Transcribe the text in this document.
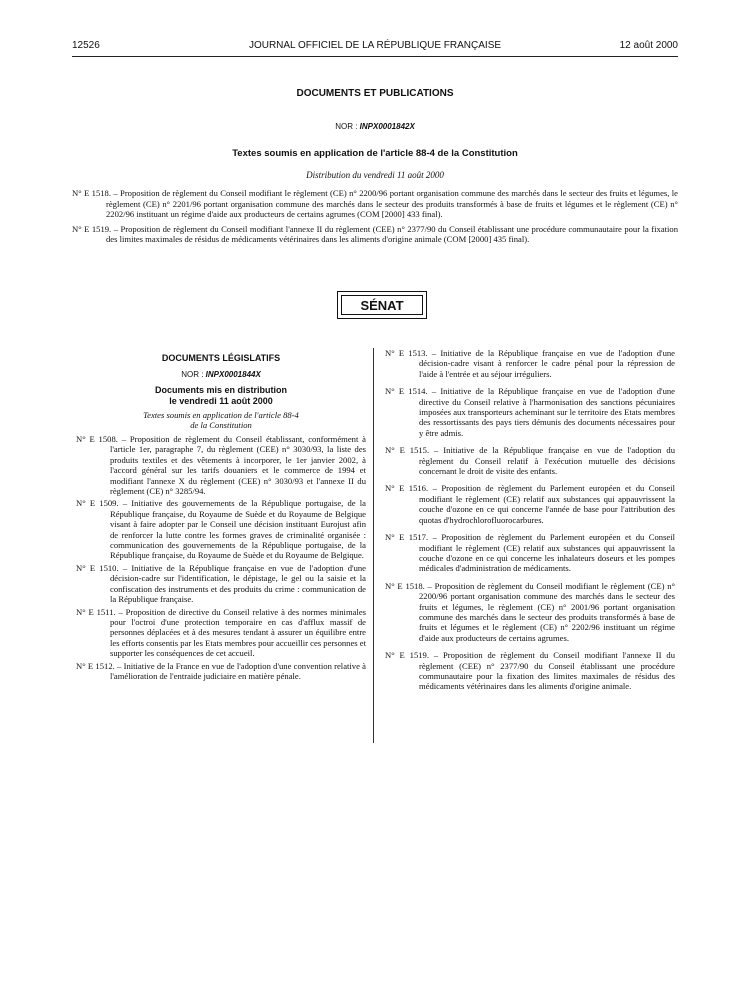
12526	JOURNAL OFFICIEL DE LA RÉPUBLIQUE FRANÇAISE	12 août 2000
DOCUMENTS ET PUBLICATIONS
NOR : INPX0001842X
Textes soumis en application de l'article 88-4 de la Constitution
Distribution du vendredi 11 août 2000

N° E 1518. – Proposition de règlement du Conseil modifiant le règlement (CE) n° 2200/96 portant organisation commune des marchés dans le secteur des fruits et légumes, le règlement (CE) n° 2201/96 portant organisation commune des marchés dans le secteur des produits transformés à base de fruits et légumes et le règlement (CE) n° 2202/96 instituant un régime d'aide aux producteurs de certains agrumes (COM [2000] 433 final).

N° E 1519. – Proposition de règlement du Conseil modifiant l'annexe II du règlement (CEE) n° 2377/90 du Conseil établissant une procédure communautaire pour la fixation des limites maximales de résidus de médicaments vétérinaires dans les aliments d'origine animale (COM [2000] 435 final).

SÉNAT
DOCUMENTS LÉGISLATIFS
NOR : INPX0001844X
Documents mis en distribution
le vendredi 11 août 2000
Textes soumis en application de l'article 88-4
de la Constitution

N° E 1508. – Proposition de règlement du Conseil établissant, conformément à l'article 1er, paragraphe 7, du règlement (CEE) n° 3030/93, la liste des produits textiles et des vêtements à incorporer, le 1er janvier 2002, à l'accord général sur les tarifs douaniers et le commerce de 1994 et modifiant l'annexe X du règlement (CEE) n° 3030/93 et l'annexe II du règlement (CE) n° 3285/94.

N° E 1509. – Initiative des gouvernements de la République portugaise, de la République française, du Royaume de Suède et du Royaume de Belgique visant à faire adopter par le Conseil une décision instituant Eurojust afin de renforcer la lutte contre les formes graves de criminalité organisée : communication des gouvernements de la République portugaise, de la République française, du Royaume de Suède et du Royaume de Belgique.

N° E 1510. – Initiative de la République française en vue de l'adoption d'une décision-cadre sur l'identification, le dépistage, le gel ou la saisie et la confiscation des instruments et des produits du crime : communication de la République française.

N° E 1511. – Proposition de directive du Conseil relative à des normes minimales pour l'octroi d'une protection temporaire en cas d'afflux massif de personnes déplacées et à des mesures tendant à assurer un équilibre entre les efforts consentis par les Etats membres pour accueillir ces personnes et supporter les conséquences de cet accueil.

N° E 1512. – Initiative de la France en vue de l'adoption d'une convention relative à l'amélioration de l'entraide judiciaire en matière pénale.

N° E 1513. – Initiative de la République française en vue de l'adoption d'une décision-cadre visant à renforcer le cadre pénal pour la répression de l'aide à l'entrée et au séjour irréguliers.

N° E 1514. – Initiative de la République française en vue de l'adoption d'une directive du Conseil relative à l'harmonisation des sanctions pécuniaires imposées aux transporteurs acheminant sur le territoire des Etats membres des ressortissants des pays tiers démunis des documents nécessaires pour y être admis.

N° E 1515. – Initiative de la République française en vue de l'adoption du règlement du Conseil relatif à l'exécution mutuelle des décisions concernant le droit de visite des enfants.

N° E 1516. – Proposition de règlement du Parlement européen et du Conseil modifiant le règlement (CE) relatif aux substances qui appauvrissent la couche d'ozone en ce qui concerne l'année de base pour l'attribution des quotas d'hydrochlorofluorocarbures.

N° E 1517. – Proposition de règlement du Parlement européen et du Conseil modifiant le règlement (CE) relatif aux substances qui appauvrissent la couche d'ozone en ce qui concerne les inhalateurs doseurs et les pompes médicales d'administration de médicaments.

N° E 1518. – Proposition de règlement du Conseil modifiant le règlement (CE) n° 2200/96 portant organisation commune des marchés dans le secteur des fruits et légumes, le règlement (CE) n° 2001/96 portant organisation commune des marchés dans le secteur des produits transformés à base de fruits et légumes et le règlement (CE) n° 2202/96 instituant un régime d'aide aux producteurs de certains agrumes.

N° E 1519. – Proposition de règlement du Conseil modifiant l'annexe II du règlement (CEE) n° 2377/90 du Conseil établissant une procédure communautaire pour la fixation des limites maximales de résidus des médicaments vétérinaires dans les aliments d'origine animale.
